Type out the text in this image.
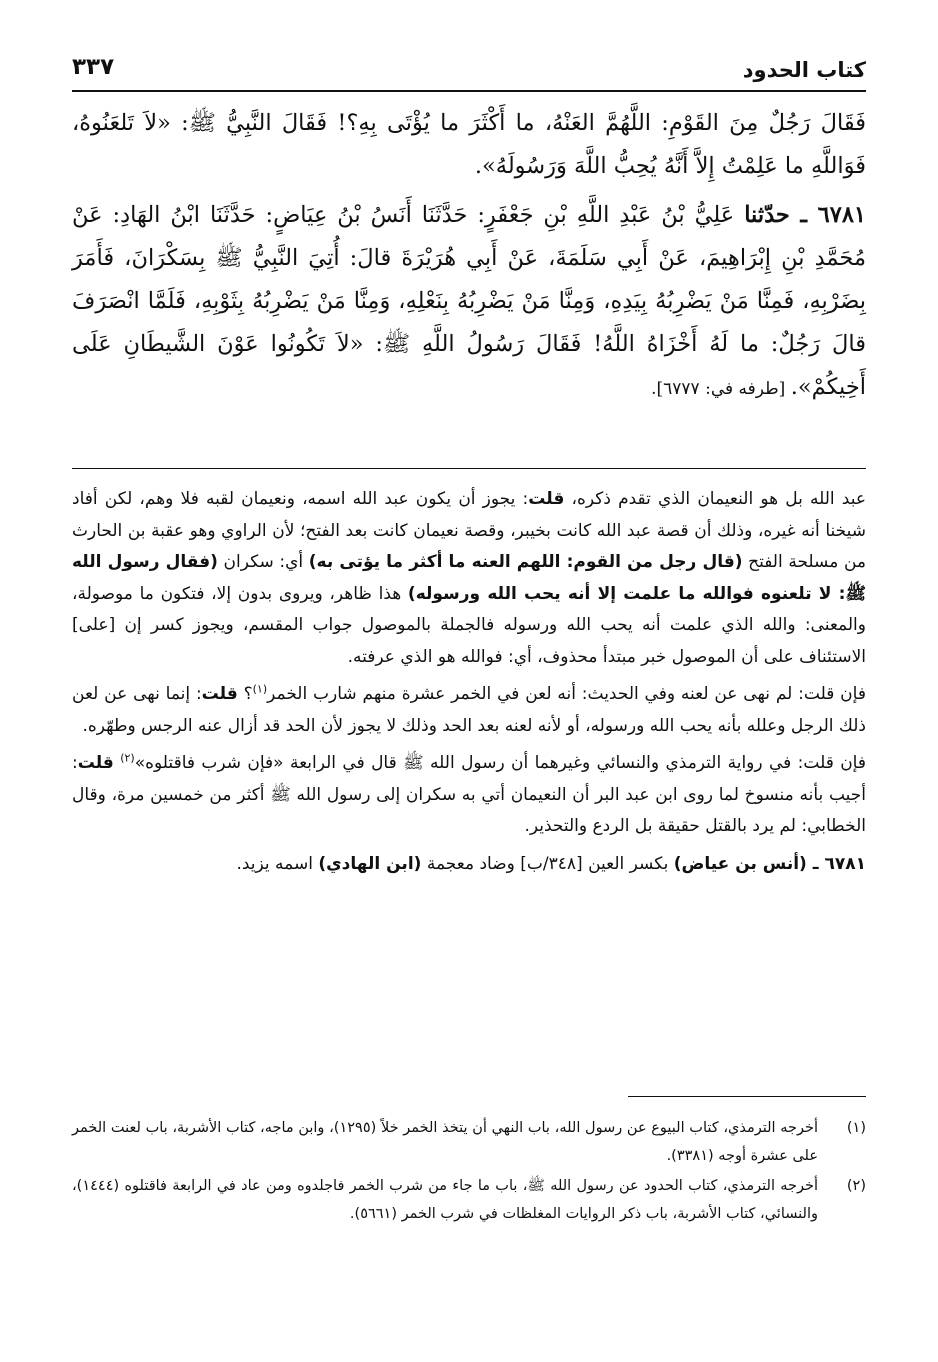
كتاب الحدود
٣٣٧

فَقَالَ رَجُلٌ مِنَ القَوْمِ: اللَّهُمَّ العَنْهُ، ما أَكْثَرَ ما يُؤْتَى بِهِ؟! فَقَالَ النَّبِيُّ ﷺ: «لاَ تَلعَنُوهُ، فَوَاللَّهِ ما عَلِمْتُ إِلاَّ أَنَّهُ يُحِبُّ اللَّهَ وَرَسُولَهُ».

٦٧٨١ ـ حدّثنا عَلِيُّ بْنُ عَبْدِ اللَّهِ بْنِ جَعْفَرٍ: حَدَّثَنَا أَنَسُ بْنُ عِيَاضٍ: حَدَّثَنَا ابْنُ الهَادِ: عَنْ مُحَمَّدِ بْنِ إِبْرَاهِيمَ، عَنْ أَبِي سَلَمَةَ، عَنْ أَبِي هُرَيْرَةَ قالَ: أُتِيَ النَّبِيُّ ﷺ بِسَكْرَانَ، فَأَمَرَ بِضَرْبِهِ، فَمِنَّا مَنْ يَضْرِبُهُ بِيَدِهِ، وَمِنَّا مَنْ يَضْرِبُهُ بِنَعْلِهِ، وَمِنَّا مَنْ يَضْرِبُهُ بِثَوْبِهِ، فَلَمَّا انْصَرَفَ قالَ رَجُلٌ: ما لَهُ أَخْزَاهُ اللَّهُ! فَقَالَ رَسُولُ اللَّهِ ﷺ: «لاَ تَكُونُوا عَوْنَ الشَّيطَانِ عَلَى أَخِيكُمْ». [طرفه في: ٦٧٧٧].

عبد الله بل هو النعيمان الذي تقدم ذكره، قلت: يجوز أن يكون عبد الله اسمه، ونعيمان لقبه فلا وهم، لكن أفاد شيخنا أنه غيره، وذلك أن قصة عبد الله كانت بخيبر، وقصة نعيمان كانت بعد الفتح؛ لأن الراوي وهو عقبة بن الحارث من مسلحة الفتح (قال رجل من القوم: اللهم العنه ما أكثر ما يؤتى به) أي: سكران (فقال رسول الله ﷺ: لا تلعنوه فوالله ما علمت إلا أنه يحب الله ورسوله) هذا ظاهر، ويروى بدون إلا، فتكون ما موصولة، والمعنى: والله الذي علمت أنه يحب الله ورسوله فالجملة بالموصول جواب المقسم، ويجوز كسر إن [على] الاستئناف على أن الموصول خبر مبتدأ محذوف، أي: فوالله هو الذي عرفته.

فإن قلت: لم نهى عن لعنه وفي الحديث: أنه لعن في الخمر عشرة منهم شارب الخمر$^{(١)}$؟ قلت: إنما نهى عن لعن ذلك الرجل وعلله بأنه يحب الله ورسوله، أو لأنه لعنه بعد الحد وذلك لا يجوز لأن الحد قد أزال عنه الرجس وطهّره.

فإن قلت: في رواية الترمذي والنسائي وغيرهما أن رسول الله ﷺ قال في الرابعة «فإن شرب فاقتلوه»$^{(٢)}$ قلت: أجيب بأنه منسوخ لما روى ابن عبد البر أن النعيمان أتي به سكران إلى رسول الله ﷺ أكثر من خمسين مرة، وقال الخطابي: لم يرد بالقتل حقيقة بل الردع والتحذير.

٦٧٨١ ـ (أنس بن عياض) بكسر العين [٣٤٨/ب] وضاد معجمة (ابن الهادي) اسمه يزيد.

(١)
أخرجه الترمذي، كتاب البيوع عن رسول الله، باب النهي أن يتخذ الخمر خلاً (١٢٩٥)، وابن ماجه، كتاب الأشربة، باب لعنت الخمر على عشرة أوجه (٣٣٨١).
(٢)
أخرجه الترمذي، كتاب الحدود عن رسول الله ﷺ، باب ما جاء من شرب الخمر فاجلدوه ومن عاد في الرابعة فاقتلوه (١٤٤٤)، والنسائي، كتاب الأشربة، باب ذكر الروايات المغلظات في شرب الخمر (٥٦٦١).
